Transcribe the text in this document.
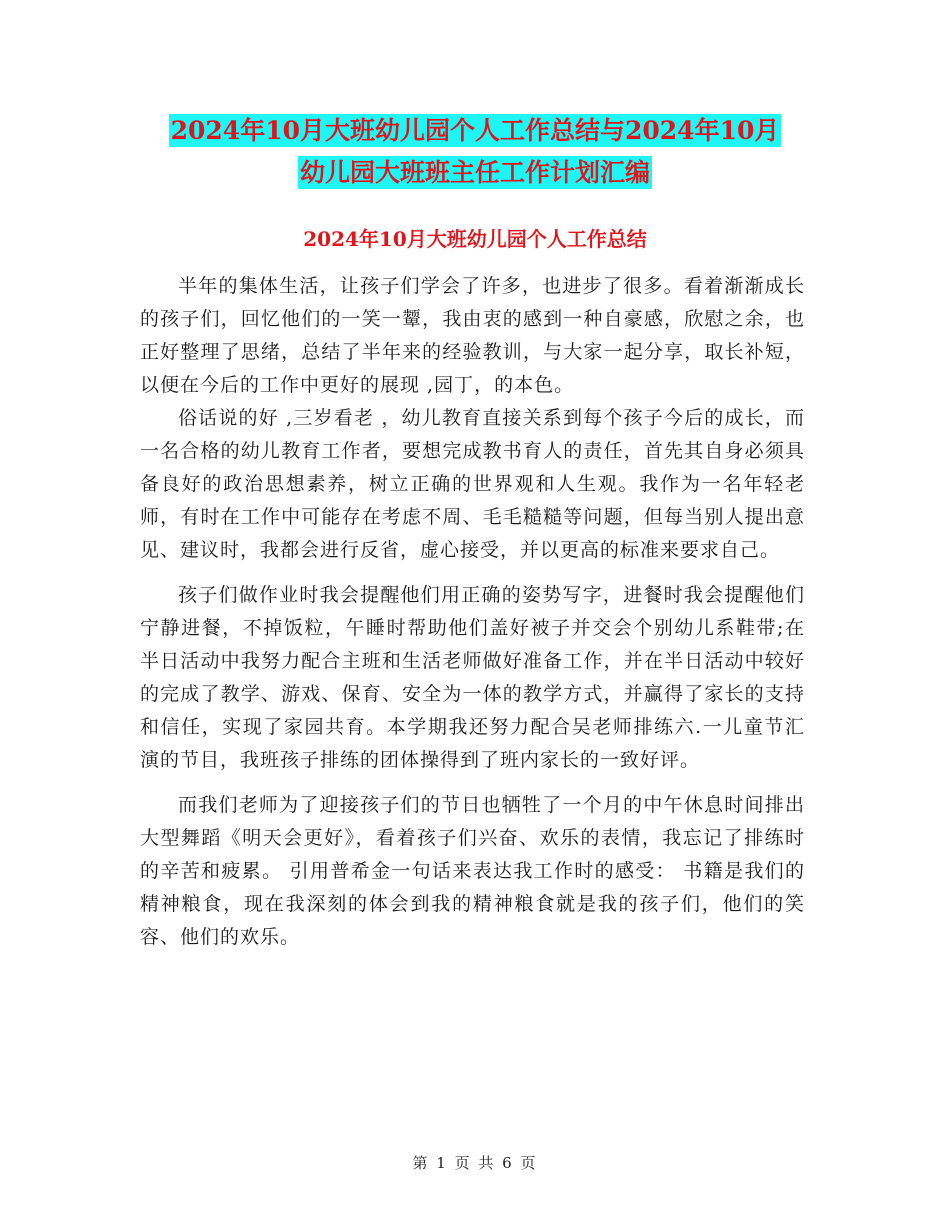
2024年10月大班幼儿园个人工作总结与2024年10月
幼儿园大班班主任工作计划汇编
2024年10月大班幼儿园个人工作总结

半年的集体生活，让孩子们学会了许多，也进步了很多。看着渐渐成长的孩子们，回忆他们的一笑一颦，我由衷的感到一种自豪感，欣慰之余，也正好整理了思绪，总结了半年来的经验教训，与大家一起分享，取长补短，以便在今后的工作中更好的展现 ,园丁，的本色。

俗话说的好 ,三岁看老 ，幼儿教育直接关系到每个孩子今后的成长，而一名合格的幼儿教育工作者，要想完成教书育人的责任，首先其自身必须具备良好的政治思想素养，树立正确的世界观和人生观。我作为一名年轻老师，有时在工作中可能存在考虑不周、毛毛糙糙等问题，但每当别人提出意见、建议时，我都会进行反省，虚心接受，并以更高的标准来要求自己。

孩子们做作业时我会提醒他们用正确的姿势写字，进餐时我会提醒他们宁静进餐，不掉饭粒，午睡时帮助他们盖好被子并交会个别幼儿系鞋带;在半日活动中我努力配合主班和生活老师做好准备工作，并在半日活动中较好的完成了教学、游戏、保育、安全为一体的教学方式，并赢得了家长的支持和信任，实现了家园共育。本学期我还努力配合吴老师排练六.一儿童节汇演的节目，我班孩子排练的团体操得到了班内家长的一致好评。

而我们老师为了迎接孩子们的节日也牺牲了一个月的中午休息时间排出大型舞蹈《明天会更好》，看着孩子们兴奋、欢乐的表情，我忘记了排练时的辛苦和疲累。 引用普希金一句话来表达我工作时的感受： 书籍是我们的精神粮食，现在我深刻的体会到我的精神粮食就是我的孩子们，他们的笑容、他们的欢乐。

第 1 页 共 6 页
